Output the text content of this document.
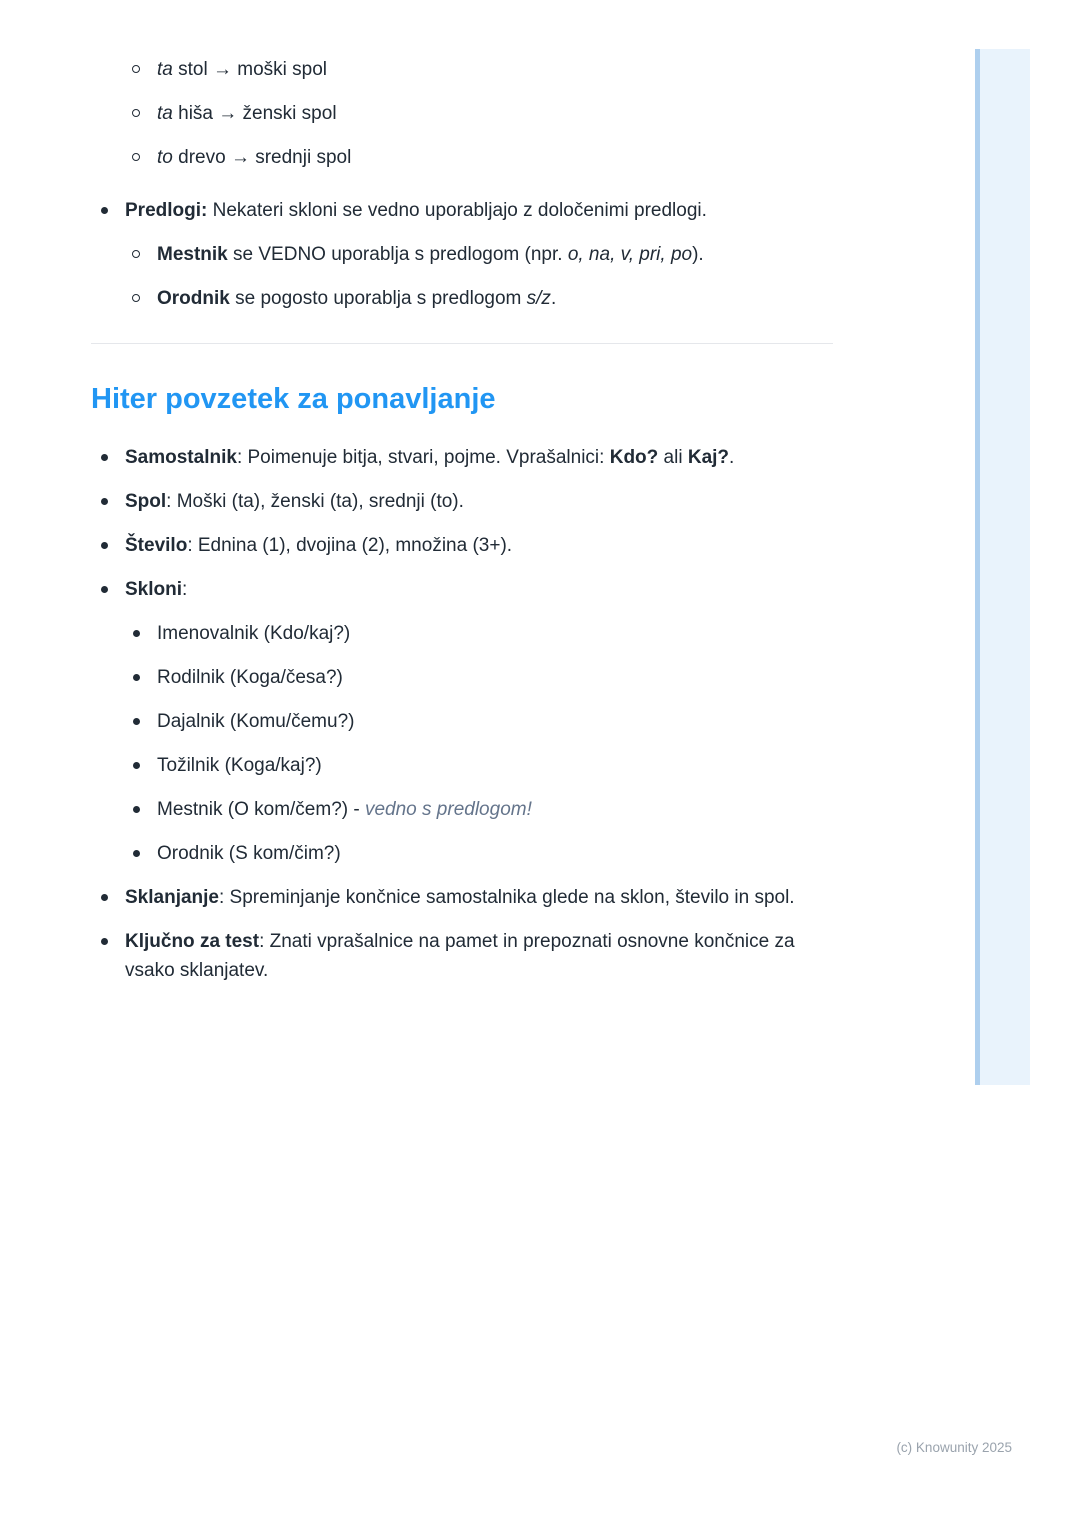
ta stol → moški spol
ta hiša → ženski spol
to drevo → srednji spol
Predlogi: Nekateri skloni se vedno uporabljajo z določenimi predlogi.
Mestnik se VEDNO uporablja s predlogom (npr. o, na, v, pri, po).
Orodnik se pogosto uporablja s predlogom s/z.
Hiter povzetek za ponavljanje
Samostalnik: Poimenuje bitja, stvari, pojme. Vprašalnici: Kdo? ali Kaj?.
Spol: Moški (ta), ženski (ta), srednji (to).
Število: Ednina (1), dvojina (2), množina (3+).
Skloni:
Imenovalnik (Kdo/kaj?)
Rodilnik (Koga/česa?)
Dajalnik (Komu/čemu?)
Tožilnik (Koga/kaj?)
Mestnik (O kom/čem?) - vedno s predlogom!
Orodnik (S kom/čim?)
Sklanjanje: Spreminjanje končnice samostalnika glede na sklon, število in spol.
Ključno za test: Znati vprašalnice na pamet in prepoznati osnovne končnice za vsako sklanjatev.
(c) Knowunity 2025
